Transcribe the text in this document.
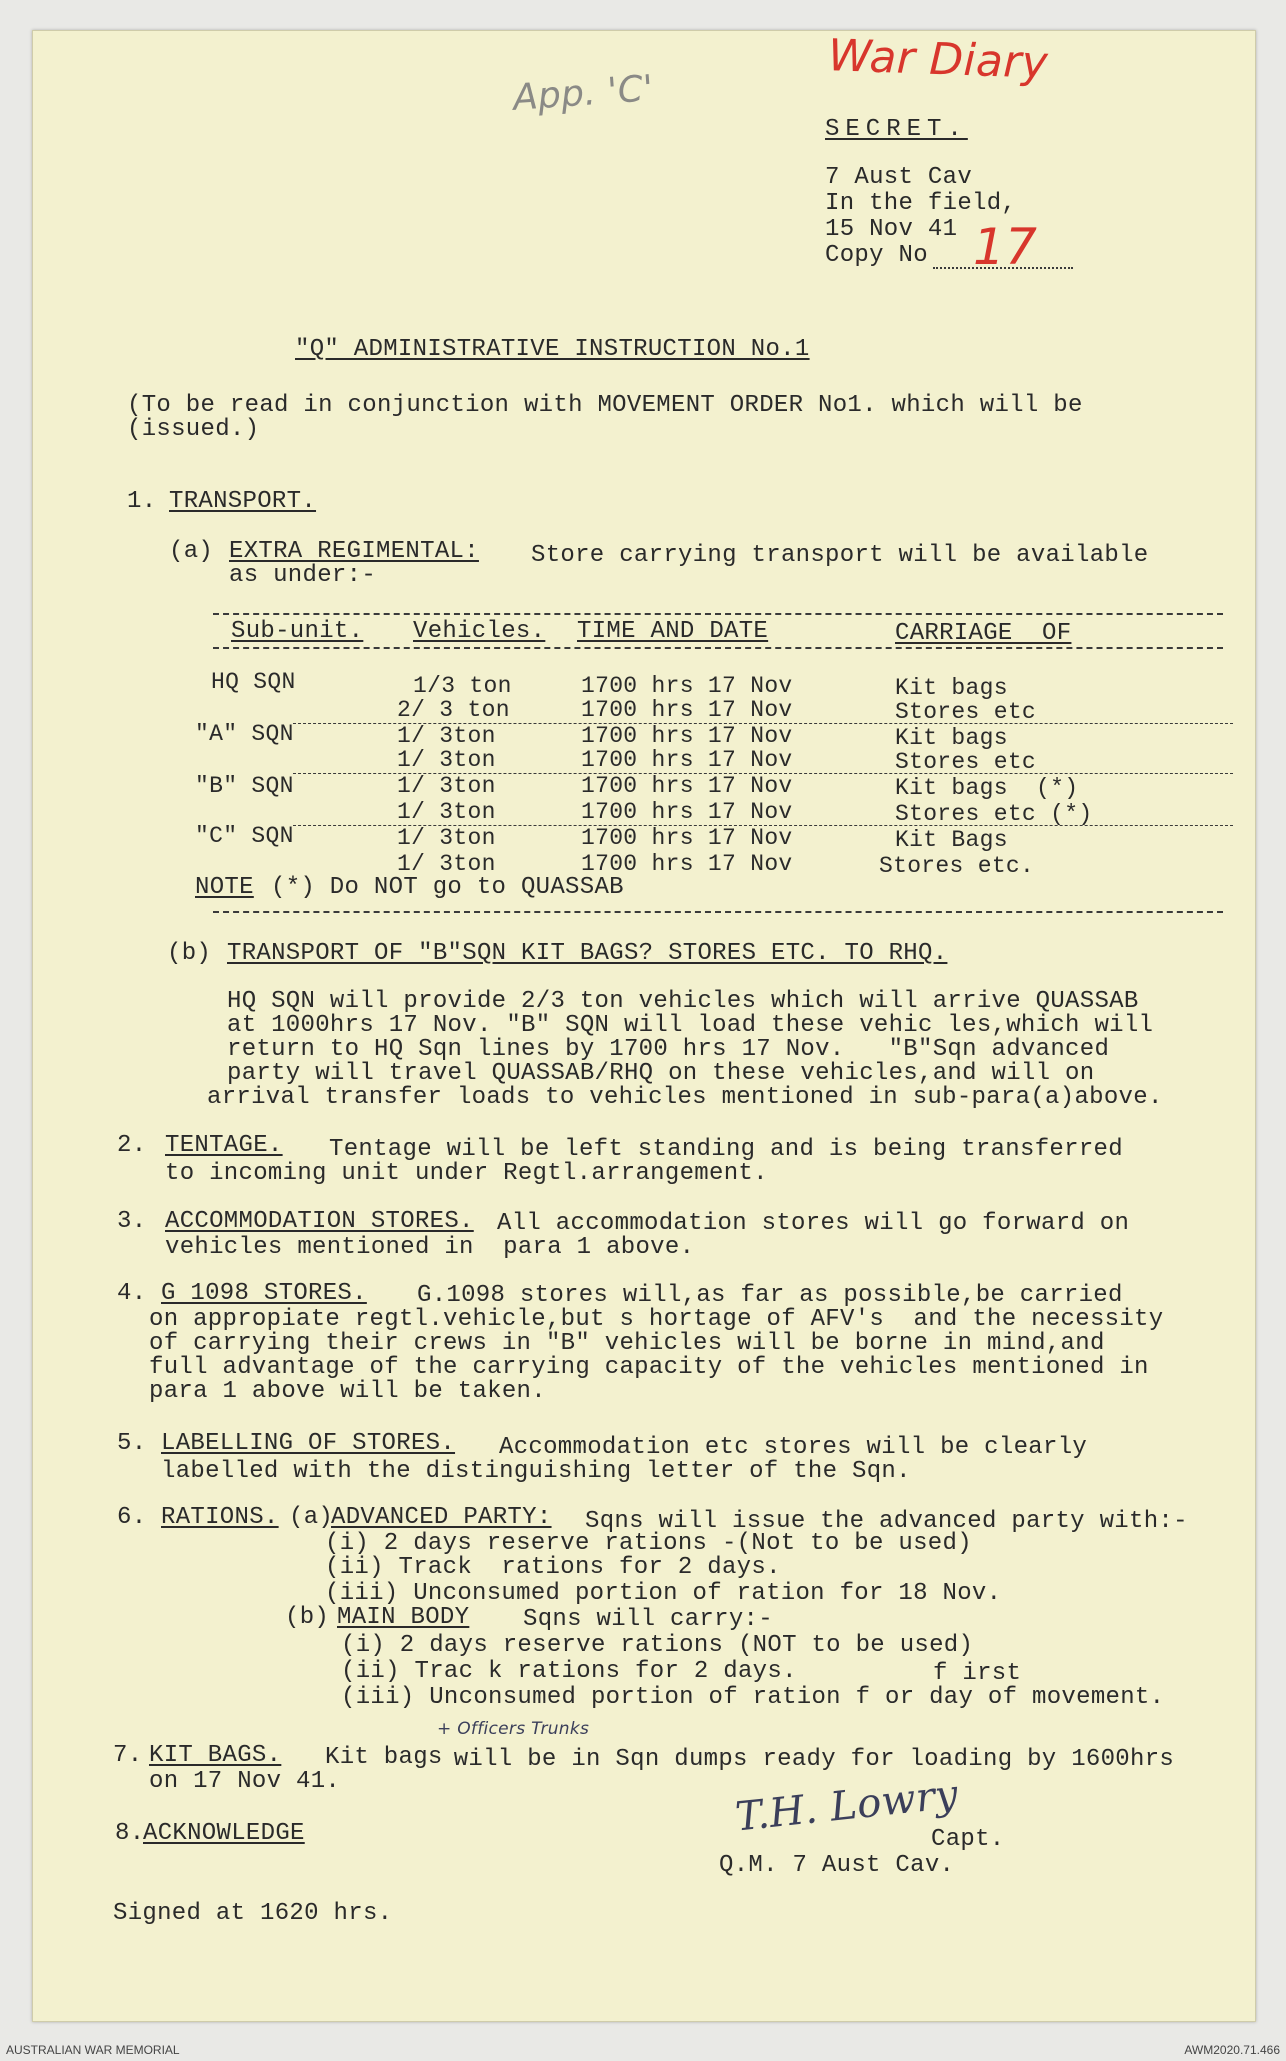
War Diary
App. 'C'
SECRET.
7 Aust Cav
In the field,
15 Nov 41
Copy No 17
"Q" ADMINISTRATIVE INSTRUCTION No.1
(To be read in conjunction with MOVEMENT ORDER No1. which will be
(issued.)
1. TRANSPORT.
(a) EXTRA REGIMENTAL: Store carrying transport will be available
as under:-
Sub-unit. Vehicles. TIME AND DATE	CARRIAGE  OF
HQ SQN	1/3 ton	1700 hrs 17 Nov	Kit bags
2/ 3 ton	1700 hrs 17 Nov	Stores etc
"A" SQN	1/ 3ton	1700 hrs 17 Nov	Kit bags
1/ 3ton	1700 hrs 17 Nov	Stores etc
"B" SQN	1/ 3ton	1700 hrs 17 Nov	Kit bags  (*)
1/ 3ton	1700 hrs 17 Nov	Stores etc (*)
"C" SQN	1/ 3ton	1700 hrs 17 Nov	Kit Bags
1/ 3ton	1700 hrs 17 Nov	Stores etc.
NOTE (*) Do NOT go to QUASSAB
(b) TRANSPORT OF "B"SQN KIT BAGS? STORES ETC. TO RHQ.
HQ SQN will provide 2/3 ton vehicles which will arrive QUASSAB
at 1000hrs 17 Nov. "B" SQN will load these vehic les,which will
return to HQ Sqn lines by 1700 hrs 17 Nov.   "B"Sqn advanced
party will travel QUASSAB/RHQ on these vehicles,and will on
arrival transfer loads to vehicles mentioned in sub-para(a)above.
2. TENTAGE. Tentage will be left standing and is being transferred
to incoming unit under Regtl.arrangement.
3. ACCOMMODATION STORES. All accommodation stores will go forward on
vehicles mentioned in  para 1 above.
4. G 1098 STORES. G.1098 stores will,as far as possible,be carried
on appropiate regtl.vehicle,but s hortage of AFV's  and the necessity
of carrying their crews in "B" vehicles will be borne in mind,and
full advantage of the carrying capacity of the vehicles mentioned in
para 1 above will be taken.
5. LABELLING OF STORES. Accommodation etc stores will be clearly
labelled with the distinguishing letter of the Sqn.
6. RATIONS. (a)
ADVANCED PARTY: Sqns will issue the advanced party with:-
(i) 2 days reserve rations -(Not to be used)
(ii) Track  rations for 2 days.
(iii) Unconsumed portion of ration for 18 Nov.
(b) MAIN BODY Sqns will carry:-
(i) 2 days reserve rations (NOT to be used)
(ii) Trac k rations for 2 days.	f irst
(iii) Unconsumed portion of ration f or day of movement.
+ Officers Trunks
7. KIT BAGS. Kit bags
will be in Sqn dumps ready for loading by 1600hrs
on 17 Nov 41.
8.
ACKNOWLEDGE	T.H. Lowry
Capt.
Q.M. 7 Aust Cav.
Signed at 1620 hrs.
AUSTRALIAN WAR MEMORIAL	AWM2020.71.466
